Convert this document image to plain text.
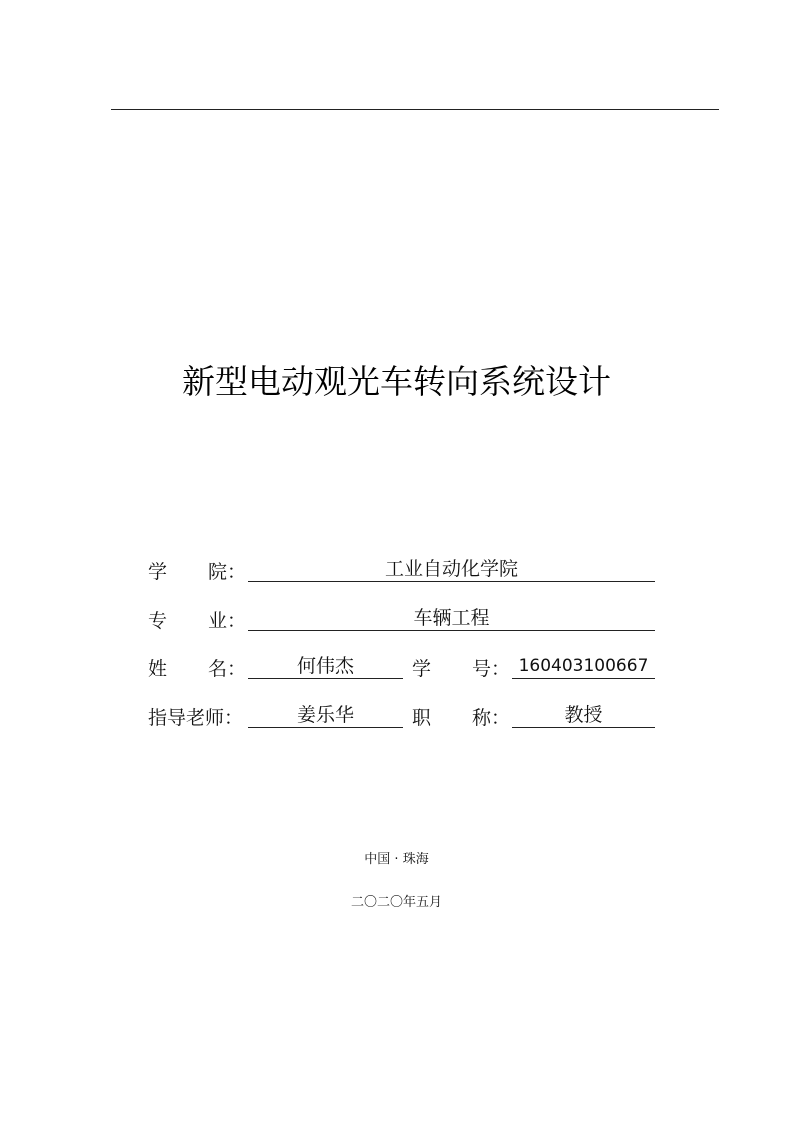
新型电动观光车转向系统设计
学 院：	工业自动化学院
专 业：	车辆工程
姓 名：	何伟杰	学 号： 160403100667
指导老师：	姜乐华	职 称：	教授
中国 · 珠海
二〇二〇年五月
